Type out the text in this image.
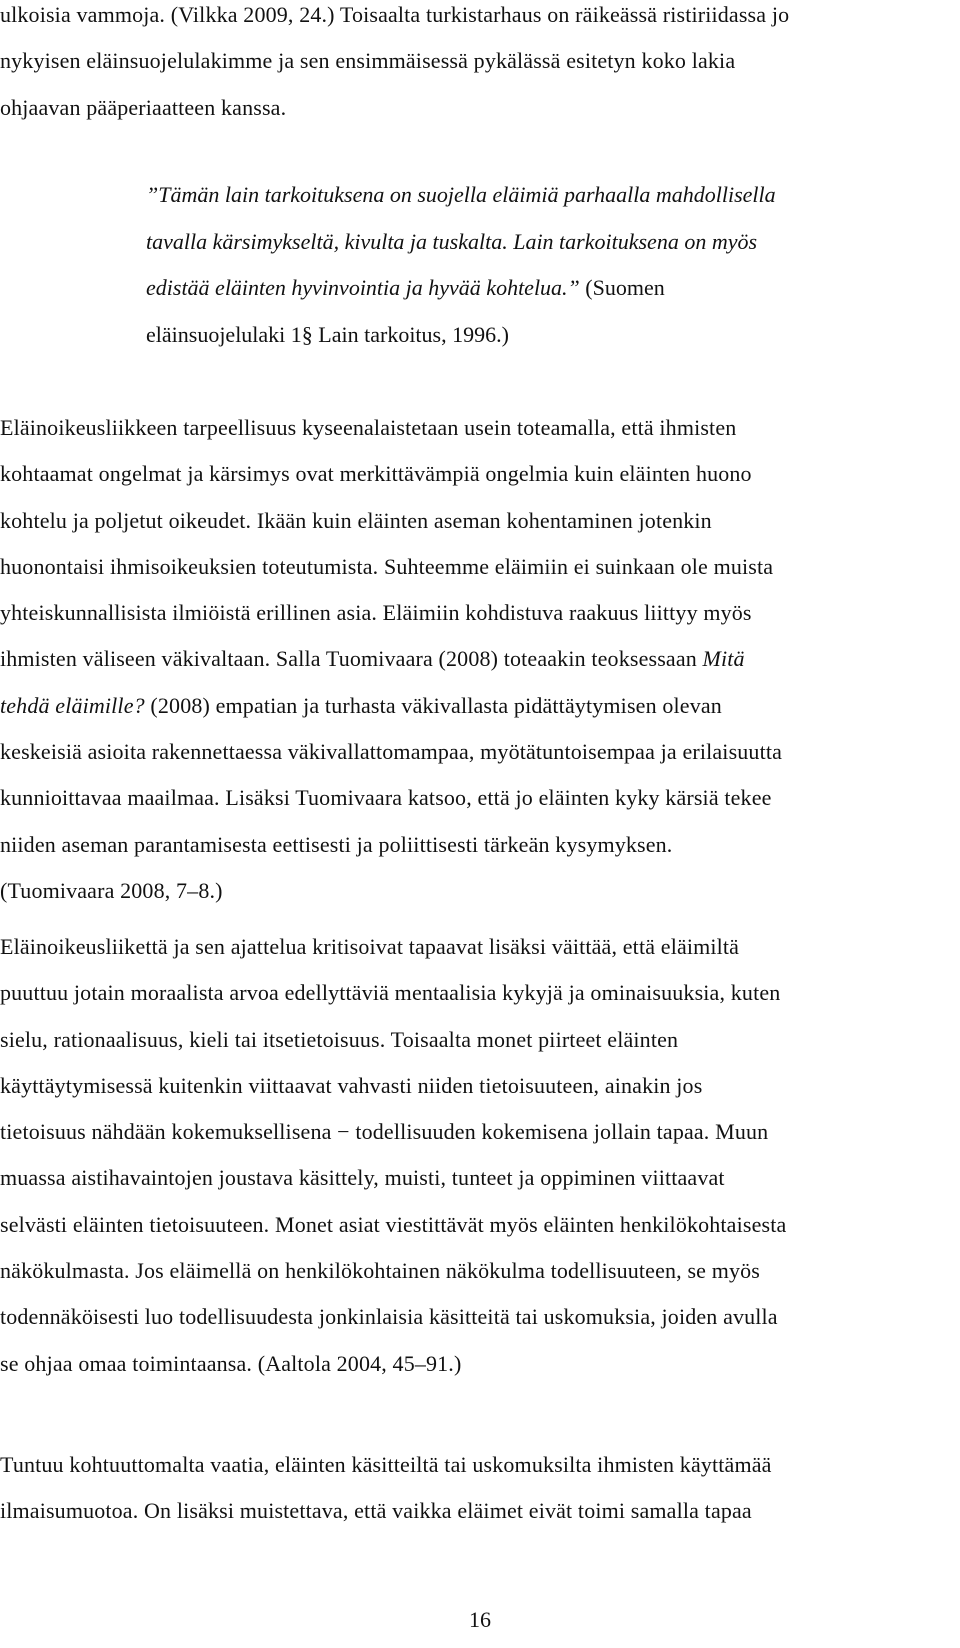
ulkoisia vammoja. (Vilkka 2009, 24.) Toisaalta turkistarhaus on räikeässä ristiriidassa jo
nykyisen eläinsuojelulakimme ja sen ensimmäisessä pykälässä esitetyn koko lakia
ohjaavan pääperiaatteen kanssa.

”Tämän lain tarkoituksena on suojella eläimiä parhaalla mahdollisella
tavalla kärsimykseltä, kivulta ja tuskalta. Lain tarkoituksena on myös
edistää eläinten hyvinvointia ja hyvää kohtelua.” (Suomen
eläinsuojelulaki 1§ Lain tarkoitus, 1996.)

Eläinoikeusliikkeen tarpeellisuus kyseenalaistetaan usein toteamalla, että ihmisten
kohtaamat ongelmat ja kärsimys ovat merkittävämpiä ongelmia kuin eläinten huono
kohtelu ja poljetut oikeudet. Ikään kuin eläinten aseman kohentaminen jotenkin
huonontaisi ihmisoikeuksien toteutumista. Suhteemme eläimiin ei suinkaan ole muista
yhteiskunnallisista ilmiöistä erillinen asia. Eläimiin kohdistuva raakuus liittyy myös
ihmisten väliseen väkivaltaan. Salla Tuomivaara (2008) toteaakin teoksessaan Mitä
tehdä eläimille? (2008) empatian ja turhasta väkivallasta pidättäytymisen olevan
keskeisiä asioita rakennettaessa väkivallattomampaa, myötätuntoisempaa ja erilaisuutta
kunnioittavaa maailmaa. Lisäksi Tuomivaara katsoo, että jo eläinten kyky kärsiä tekee
niiden aseman parantamisesta eettisesti ja poliittisesti tärkeän kysymyksen.
(Tuomivaara 2008, 7–8.)

Eläinoikeusliikettä ja sen ajattelua kritisoivat tapaavat lisäksi väittää, että eläimiltä
puuttuu jotain moraalista arvoa edellyttäviä mentaalisia kykyjä ja ominaisuuksia, kuten
sielu, rationaalisuus, kieli tai itsetietoisuus. Toisaalta monet piirteet eläinten
käyttäytymisessä kuitenkin viittaavat vahvasti niiden tietoisuuteen, ainakin jos
tietoisuus nähdään kokemuksellisena − todellisuuden kokemisena jollain tapaa. Muun
muassa aistihavaintojen joustava käsittely, muisti, tunteet ja oppiminen viittaavat
selvästi eläinten tietoisuuteen. Monet asiat viestittävät myös eläinten henkilökohtaisesta
näkökulmasta. Jos eläimellä on henkilökohtainen näkökulma todellisuuteen, se myös
todennäköisesti luo todellisuudesta jonkinlaisia käsitteitä tai uskomuksia, joiden avulla
se ohjaa omaa toimintaansa. (Aaltola 2004, 45–91.)

Tuntuu kohtuuttomalta vaatia, eläinten käsitteiltä tai uskomuksilta ihmisten käyttämää
ilmaisumuotoa. On lisäksi muistettava, että vaikka eläimet eivät toimi samalla tapaa

16
